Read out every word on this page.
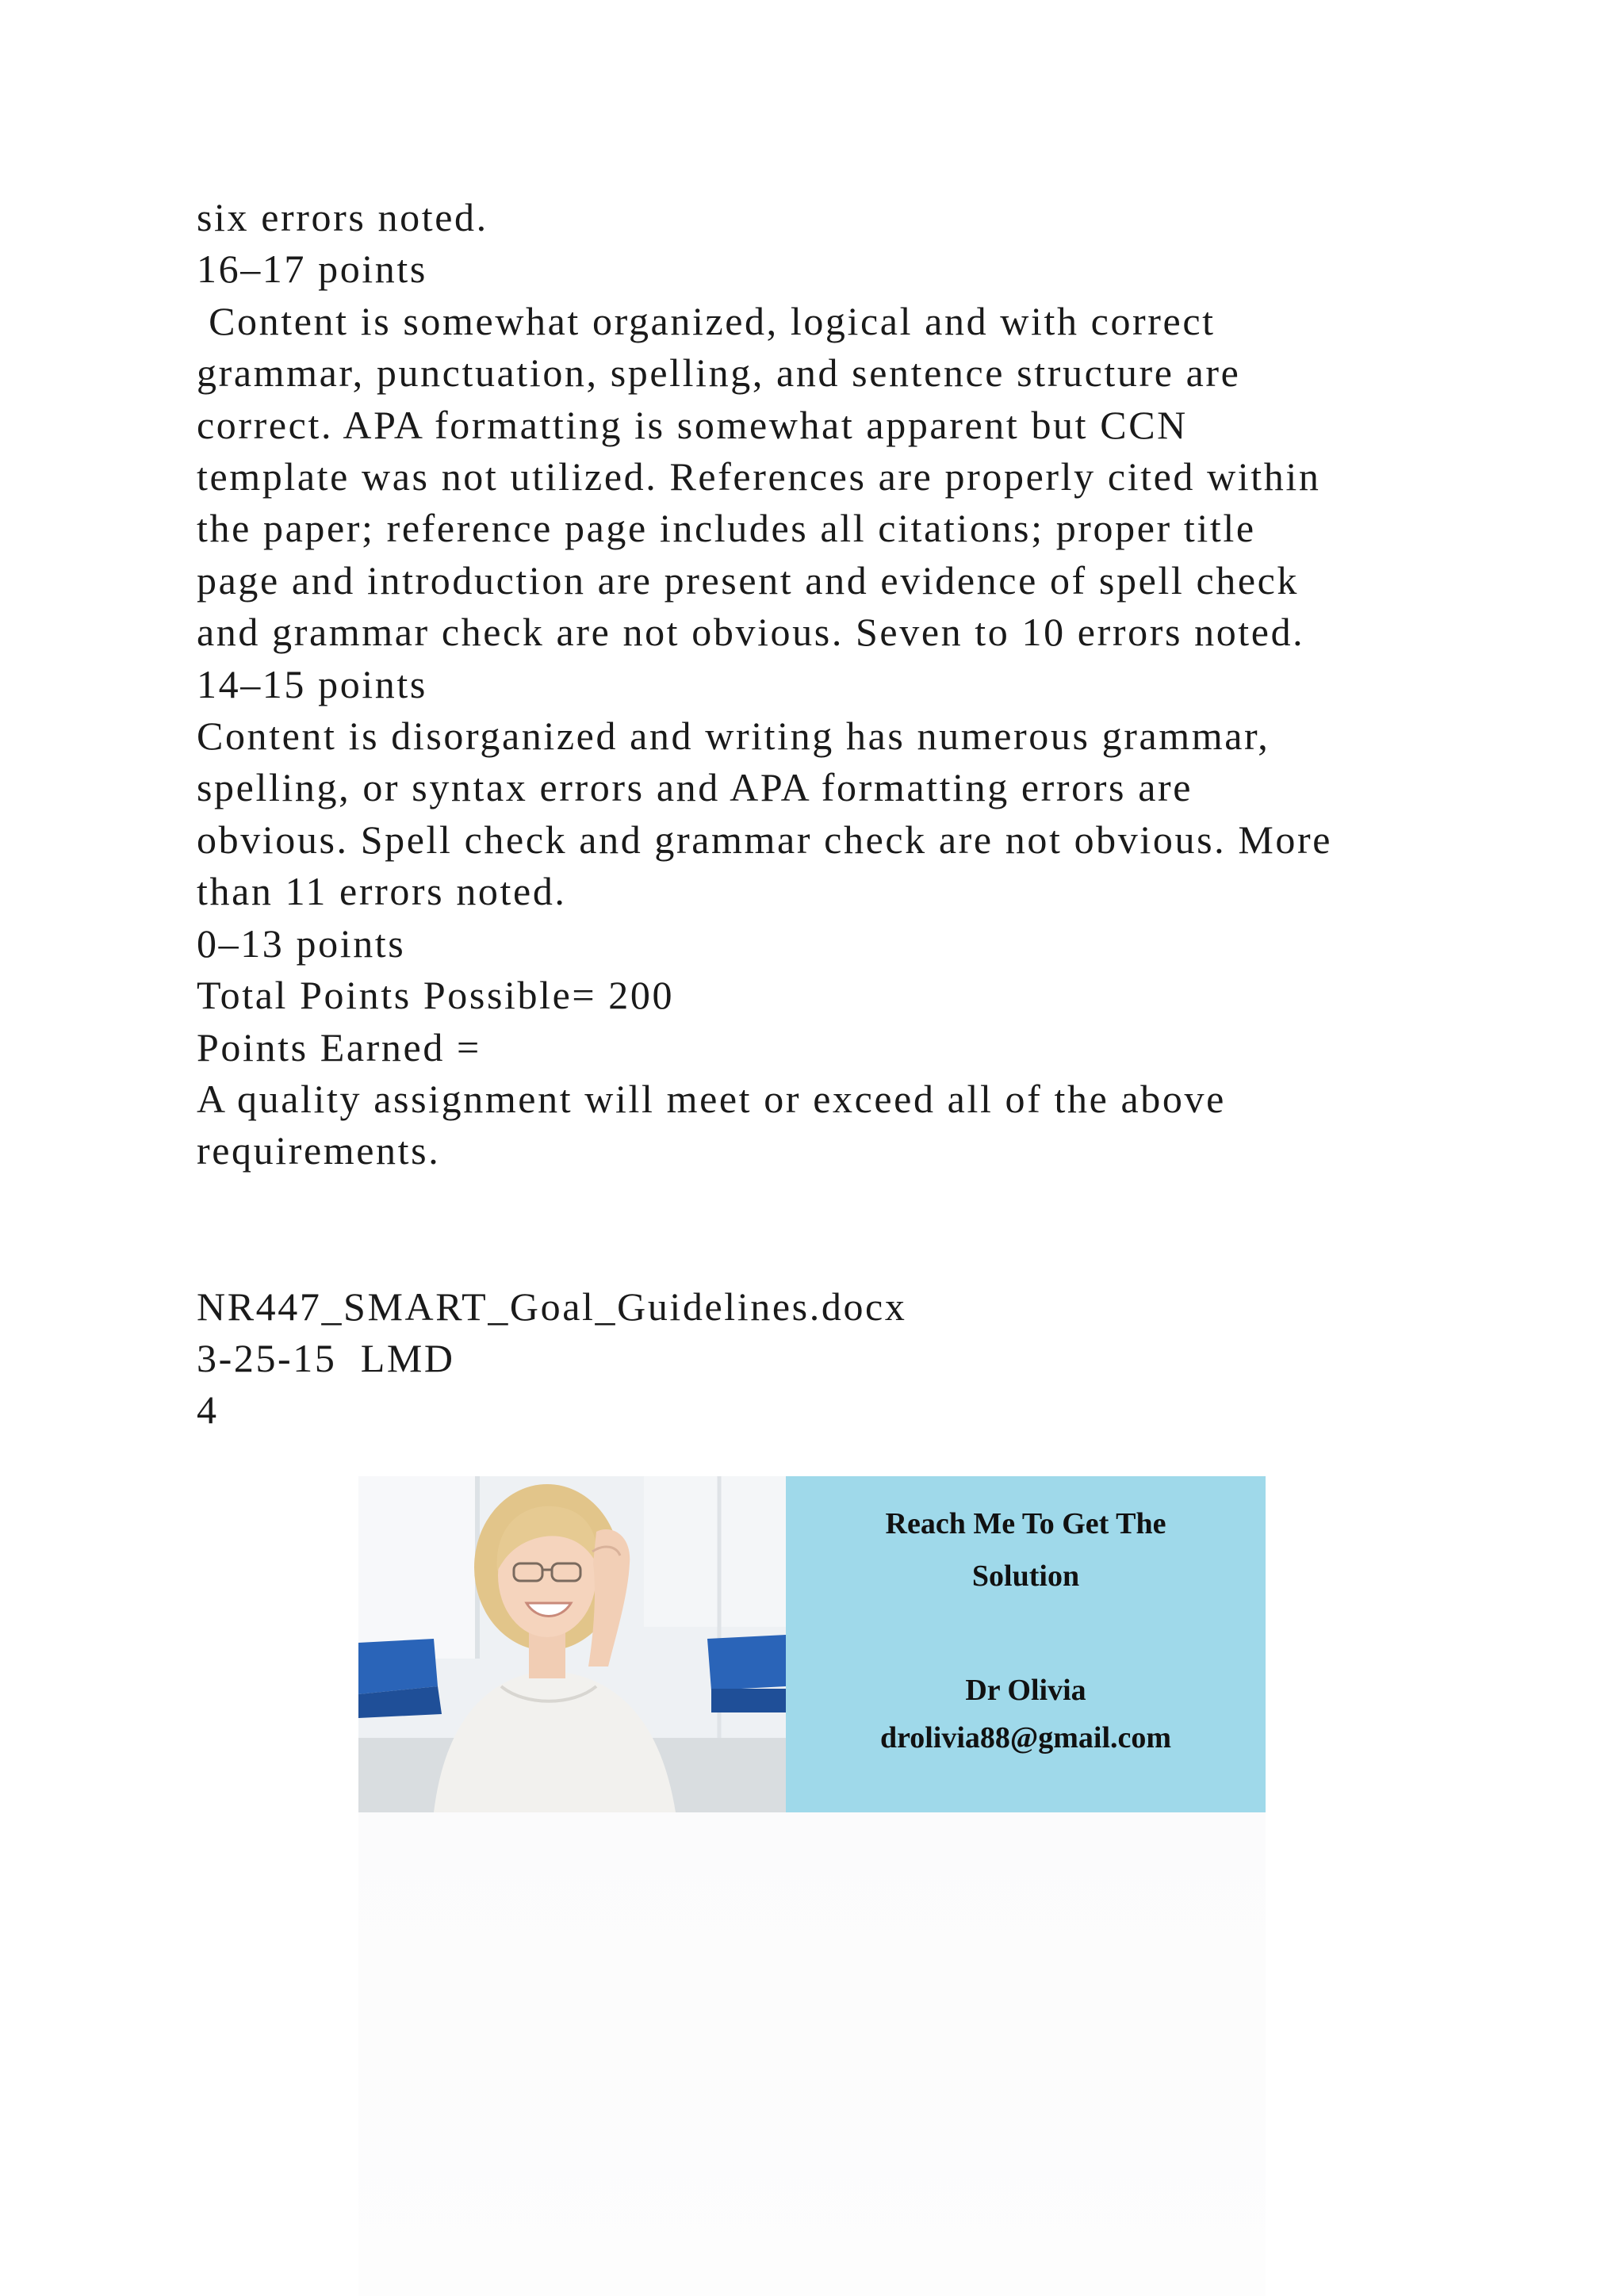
six errors noted.
16–17 points
Content is somewhat organized, logical and with correct
grammar, punctuation, spelling, and sentence structure are
correct. APA formatting is somewhat apparent but CCN
template was not utilized. References are properly cited within
the paper; reference page includes all citations; proper title
page and introduction are present and evidence of spell check
and grammar check are not obvious. Seven to 10 errors noted.
14–15 points
Content is disorganized and writing has numerous grammar,
spelling, or syntax errors and APA formatting errors are
obvious. Spell check and grammar check are not obvious. More
than 11 errors noted.
0–13 points
Total Points Possible= 200
Points Earned =
A quality assignment will meet or exceed all of the above
requirements.
NR447_SMART_Goal_Guidelines.docx
3-25-15  LMD
4
Reach Me To Get The
Solution
Dr Olivia
drolivia88@gmail.com
